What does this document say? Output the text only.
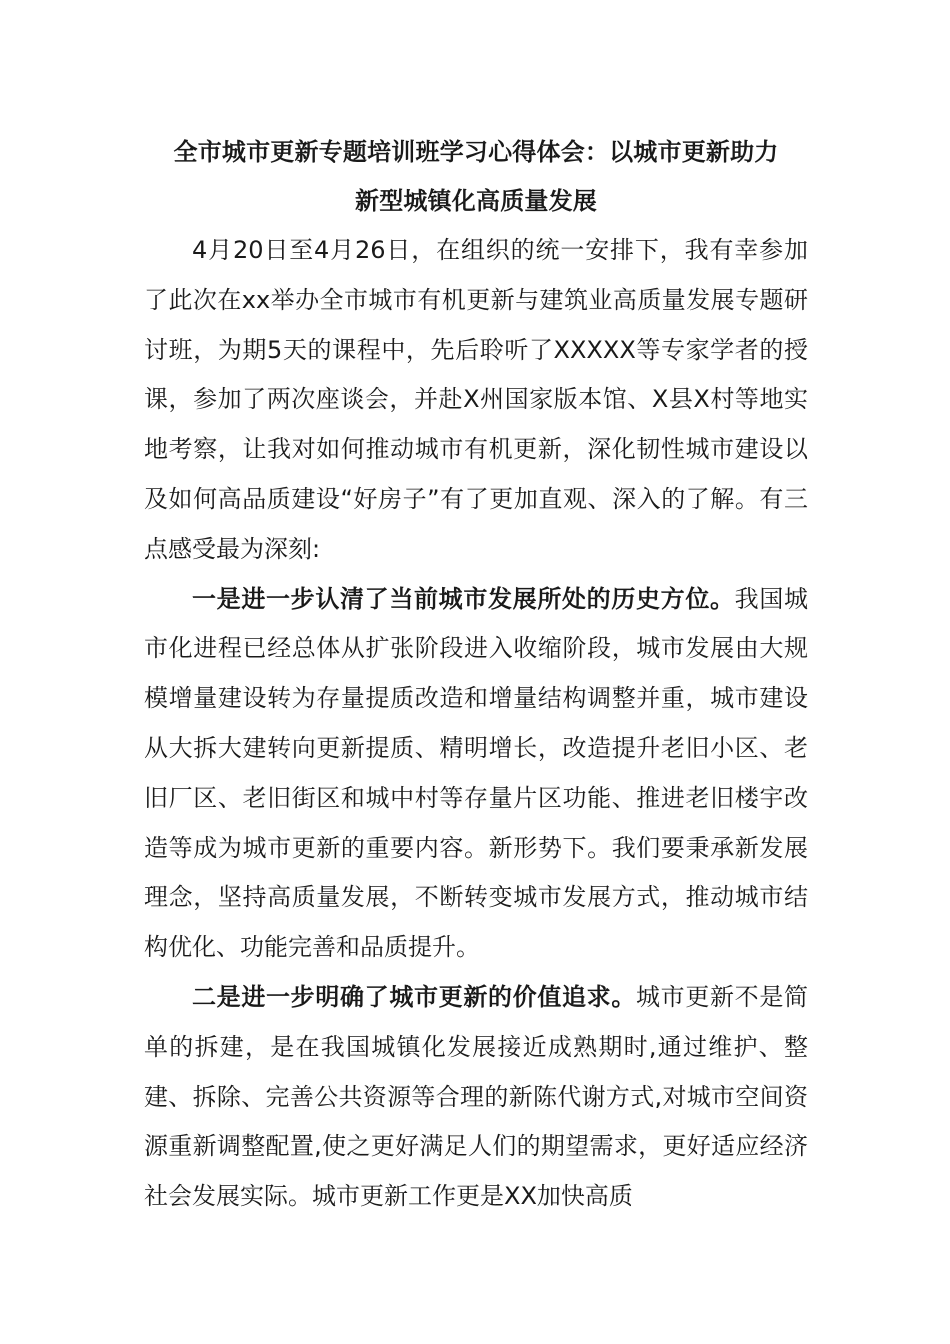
全市城市更新专题培训班学习心得体会：以城市更新助力
新型城镇化高质量发展

4月20日至4月26日，在组织的统一安排下，我有幸参加了此次在xx举办全市城市有机更新与建筑业高质量发展专题研讨班，为期5天的课程中，先后聆听了XXXXX等专家学者的授课，参加了两次座谈会，并赴X州国家版本馆、X县X村等地实地考察，让我对如何推动城市有机更新，深化韧性城市建设以及如何高品质建设“好房子”有了更加直观、深入的了解。有三点感受最为深刻:

一是进一步认清了当前城市发展所处的历史方位。我国城市化进程已经总体从扩张阶段进入收缩阶段，城市发展由大规模增量建设转为存量提质改造和增量结构调整并重，城市建设从大拆大建转向更新提质、精明增长，改造提升老旧小区、老旧厂区、老旧街区和城中村等存量片区功能、推进老旧楼宇改造等成为城市更新的重要内容。新形势下。我们要秉承新发展理念，坚持高质量发展，不断转变城市发展方式，推动城市结构优化、功能完善和品质提升。

二是进一步明确了城市更新的价值追求。城市更新不是简单的拆建，是在我国城镇化发展接近成熟期时,通过维护、整建、拆除、完善公共资源等合理的新陈代谢方式,对城市空间资源重新调整配置,使之更好满足人们的期望需求，更好适应经济社会发展实际。城市更新工作更是XX加快高质
